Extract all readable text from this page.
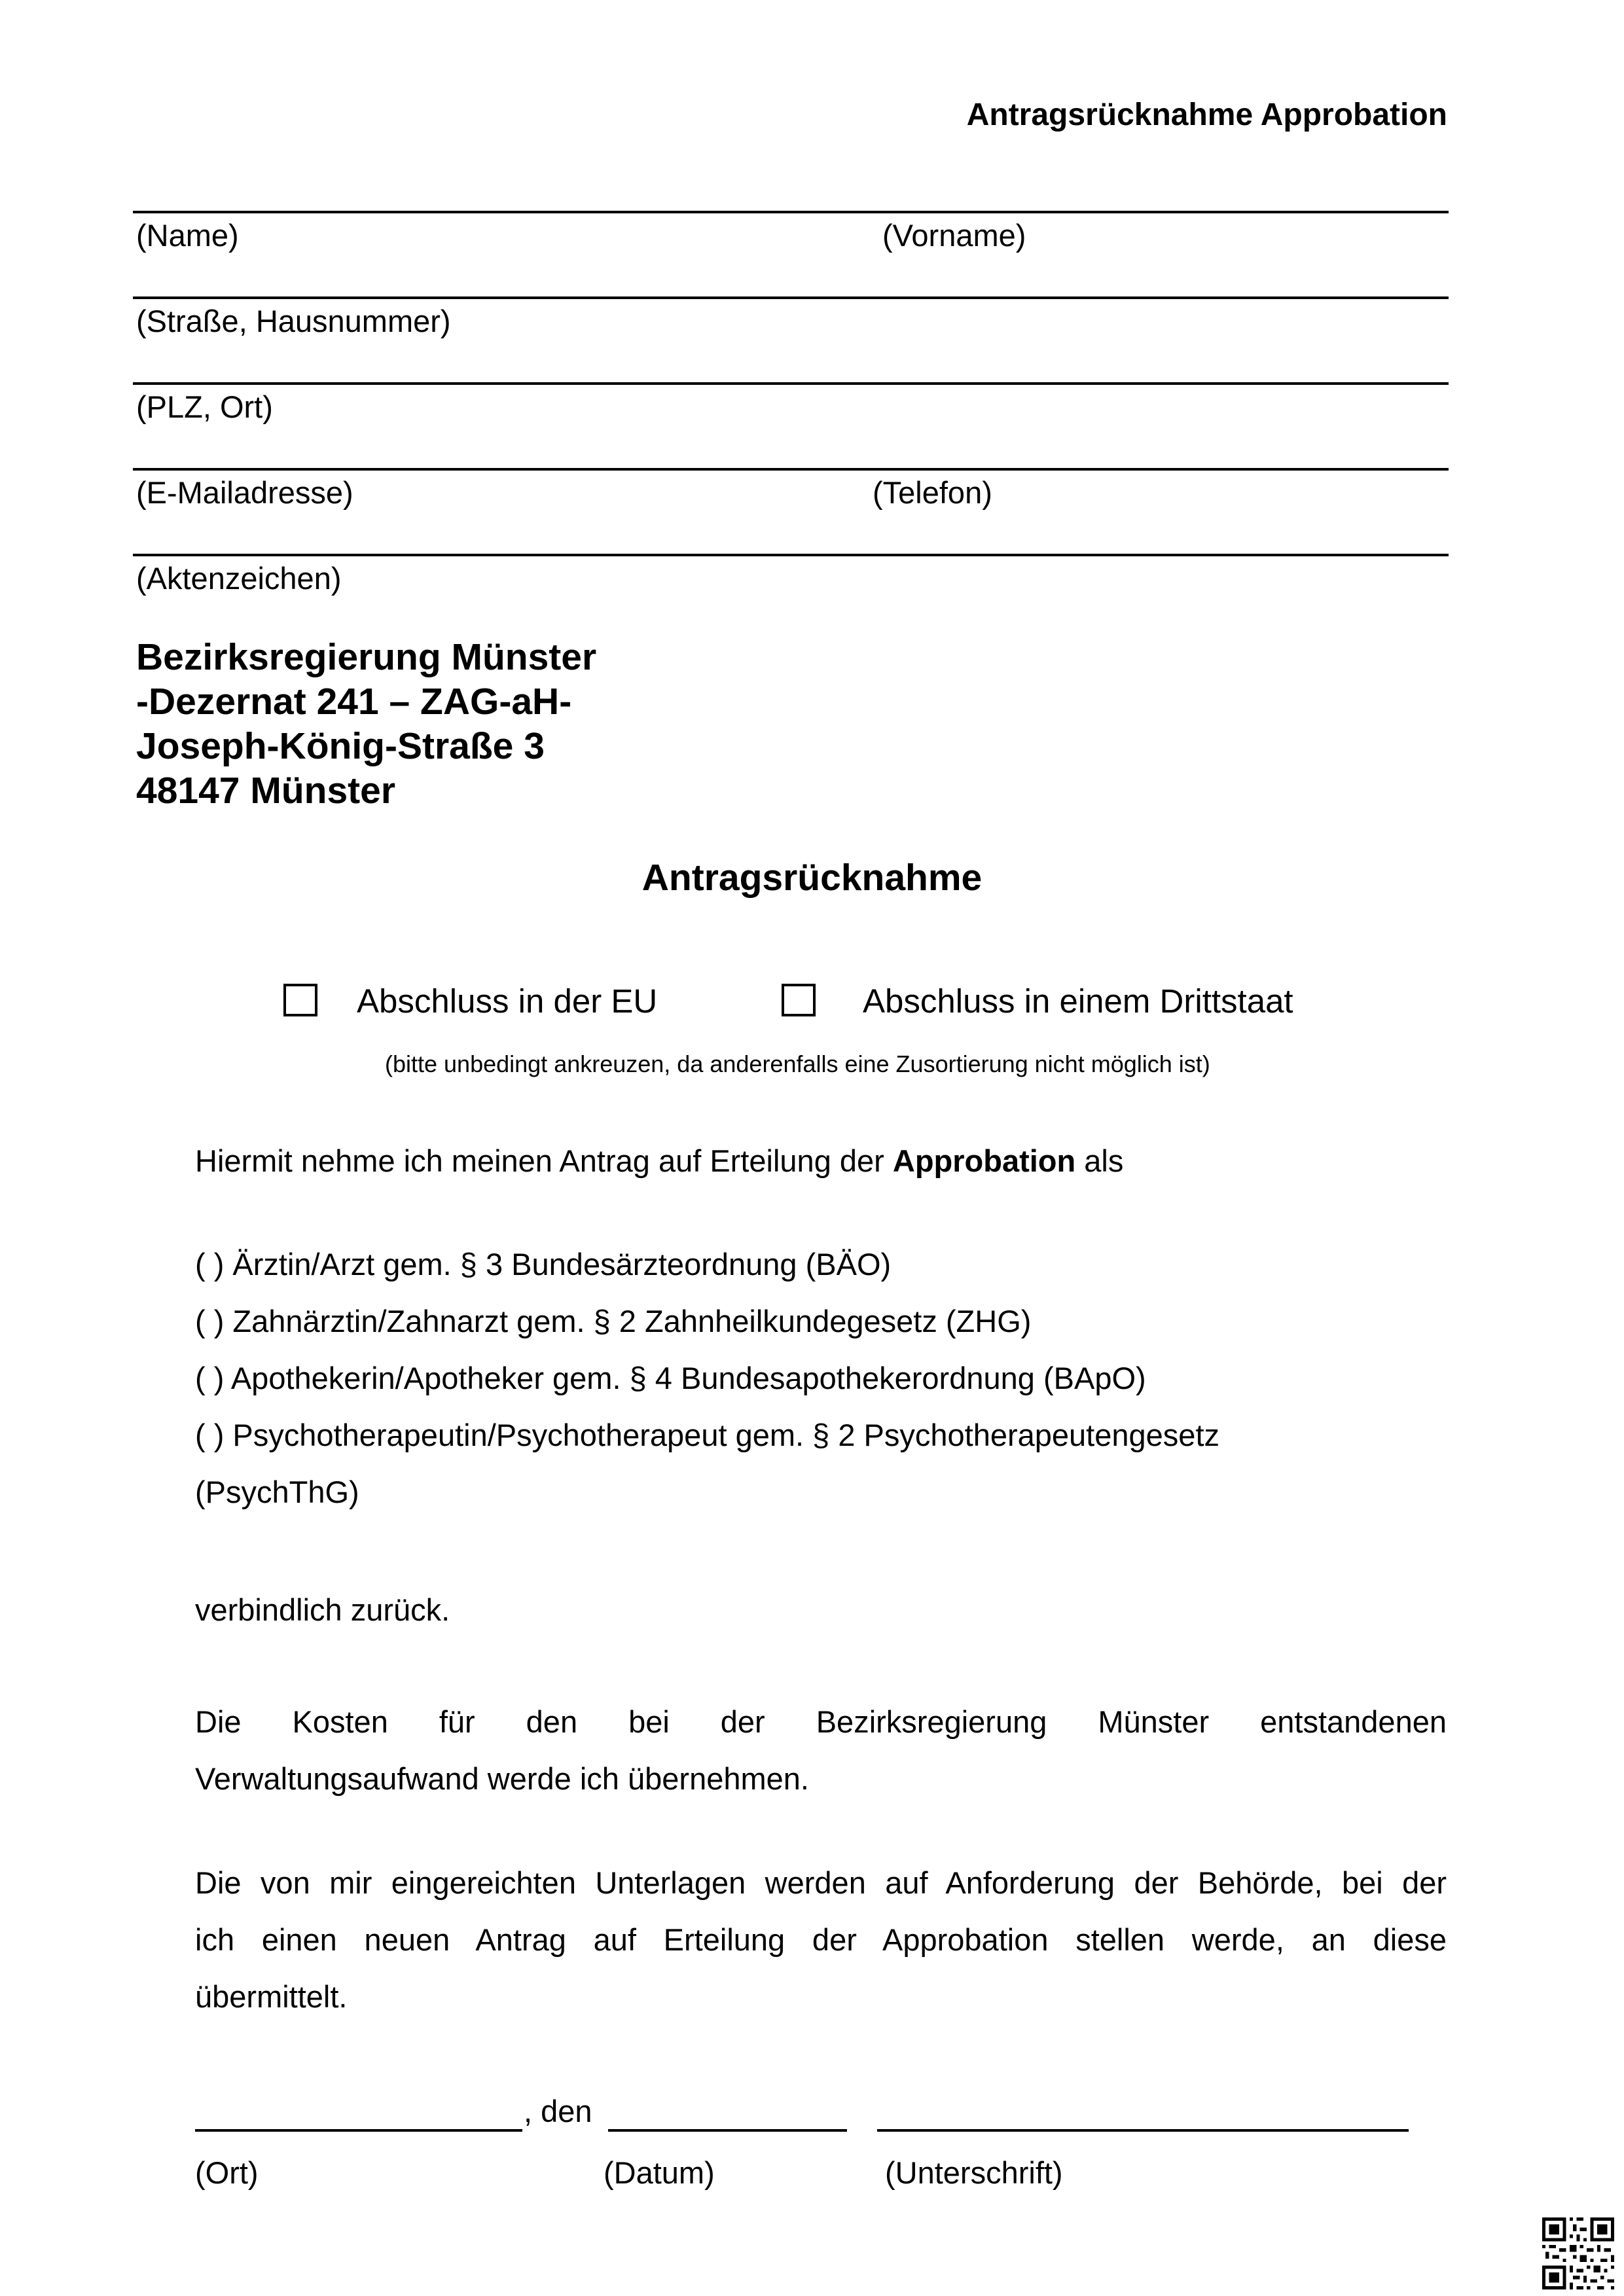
Antragsrücknahme Approbation
(Name)	(Vorname)
(Straße, Hausnummer)
(PLZ, Ort)
(E-Mailadresse)	(Telefon)
(Aktenzeichen)
Bezirksregierung Münster
-Dezernat 241 – ZAG-aH-
Joseph-König-Straße 3
48147 Münster
Antragsrücknahme
Abschluss in der EU	Abschluss in einem Drittstaat
(bitte unbedingt ankreuzen, da anderenfalls eine Zusortierung nicht möglich ist)
Hiermit nehme ich meinen Antrag auf Erteilung der Approbation als
( ) Ärztin/Arzt gem. § 3 Bundesärzteordnung (BÄO)
( ) Zahnärztin/Zahnarzt gem. § 2 Zahnheilkundegesetz (ZHG)
( ) Apothekerin/Apotheker gem. § 4 Bundesapothekerordnung (BApO)
( ) Psychotherapeutin/Psychotherapeut gem. § 2 Psychotherapeutengesetz
(PsychThG)
verbindlich zurück.
Die Kosten für den bei der Bezirksregierung Münster entstandenen
Verwaltungsaufwand werde ich übernehmen.
Die von mir eingereichten Unterlagen werden auf Anforderung der Behörde, bei der
ich einen neuen Antrag auf Erteilung der Approbation stellen werde, an diese
übermittelt.
, den
(Ort)	(Datum)	(Unterschrift)
